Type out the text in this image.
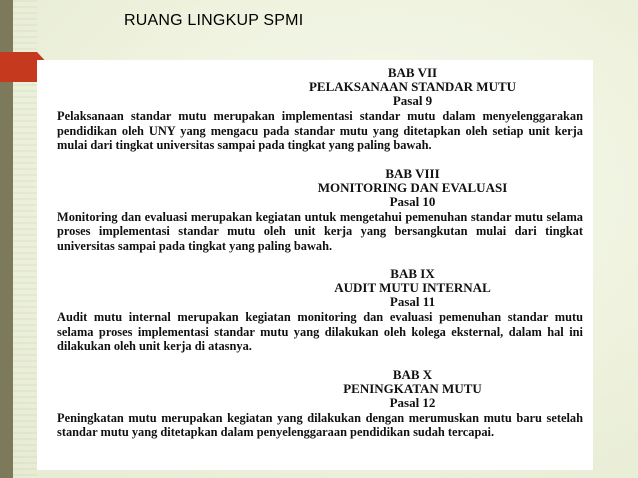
RUANG LINGKUP SPMI
BAB VII
PELAKSANAAN STANDAR MUTU
Pasal 9

Pelaksanaan standar mutu merupakan implementasi standar mutu dalam menyelenggarakan pendidikan oleh UNY yang mengacu pada standar mutu yang ditetapkan oleh setiap unit kerja mulai dari tingkat universitas sampai pada tingkat yang paling bawah.

BAB VIII
MONITORING DAN EVALUASI
Pasal 10

Monitoring dan evaluasi merupakan kegiatan untuk mengetahui pemenuhan standar mutu selama proses implementasi standar mutu oleh unit kerja yang bersangkutan mulai dari tingkat universitas sampai pada tingkat yang paling bawah.

BAB IX
AUDIT MUTU INTERNAL
Pasal 11

Audit mutu internal merupakan kegiatan monitoring dan evaluasi pemenuhan standar mutu selama proses implementasi standar mutu yang dilakukan oleh kolega eksternal, dalam hal ini dilakukan oleh unit kerja di atasnya.

BAB X
PENINGKATAN MUTU
Pasal 12

Peningkatan mutu merupakan kegiatan yang dilakukan dengan merumuskan mutu baru setelah standar mutu yang ditetapkan dalam penyelenggaraan pendidikan sudah tercapai.
